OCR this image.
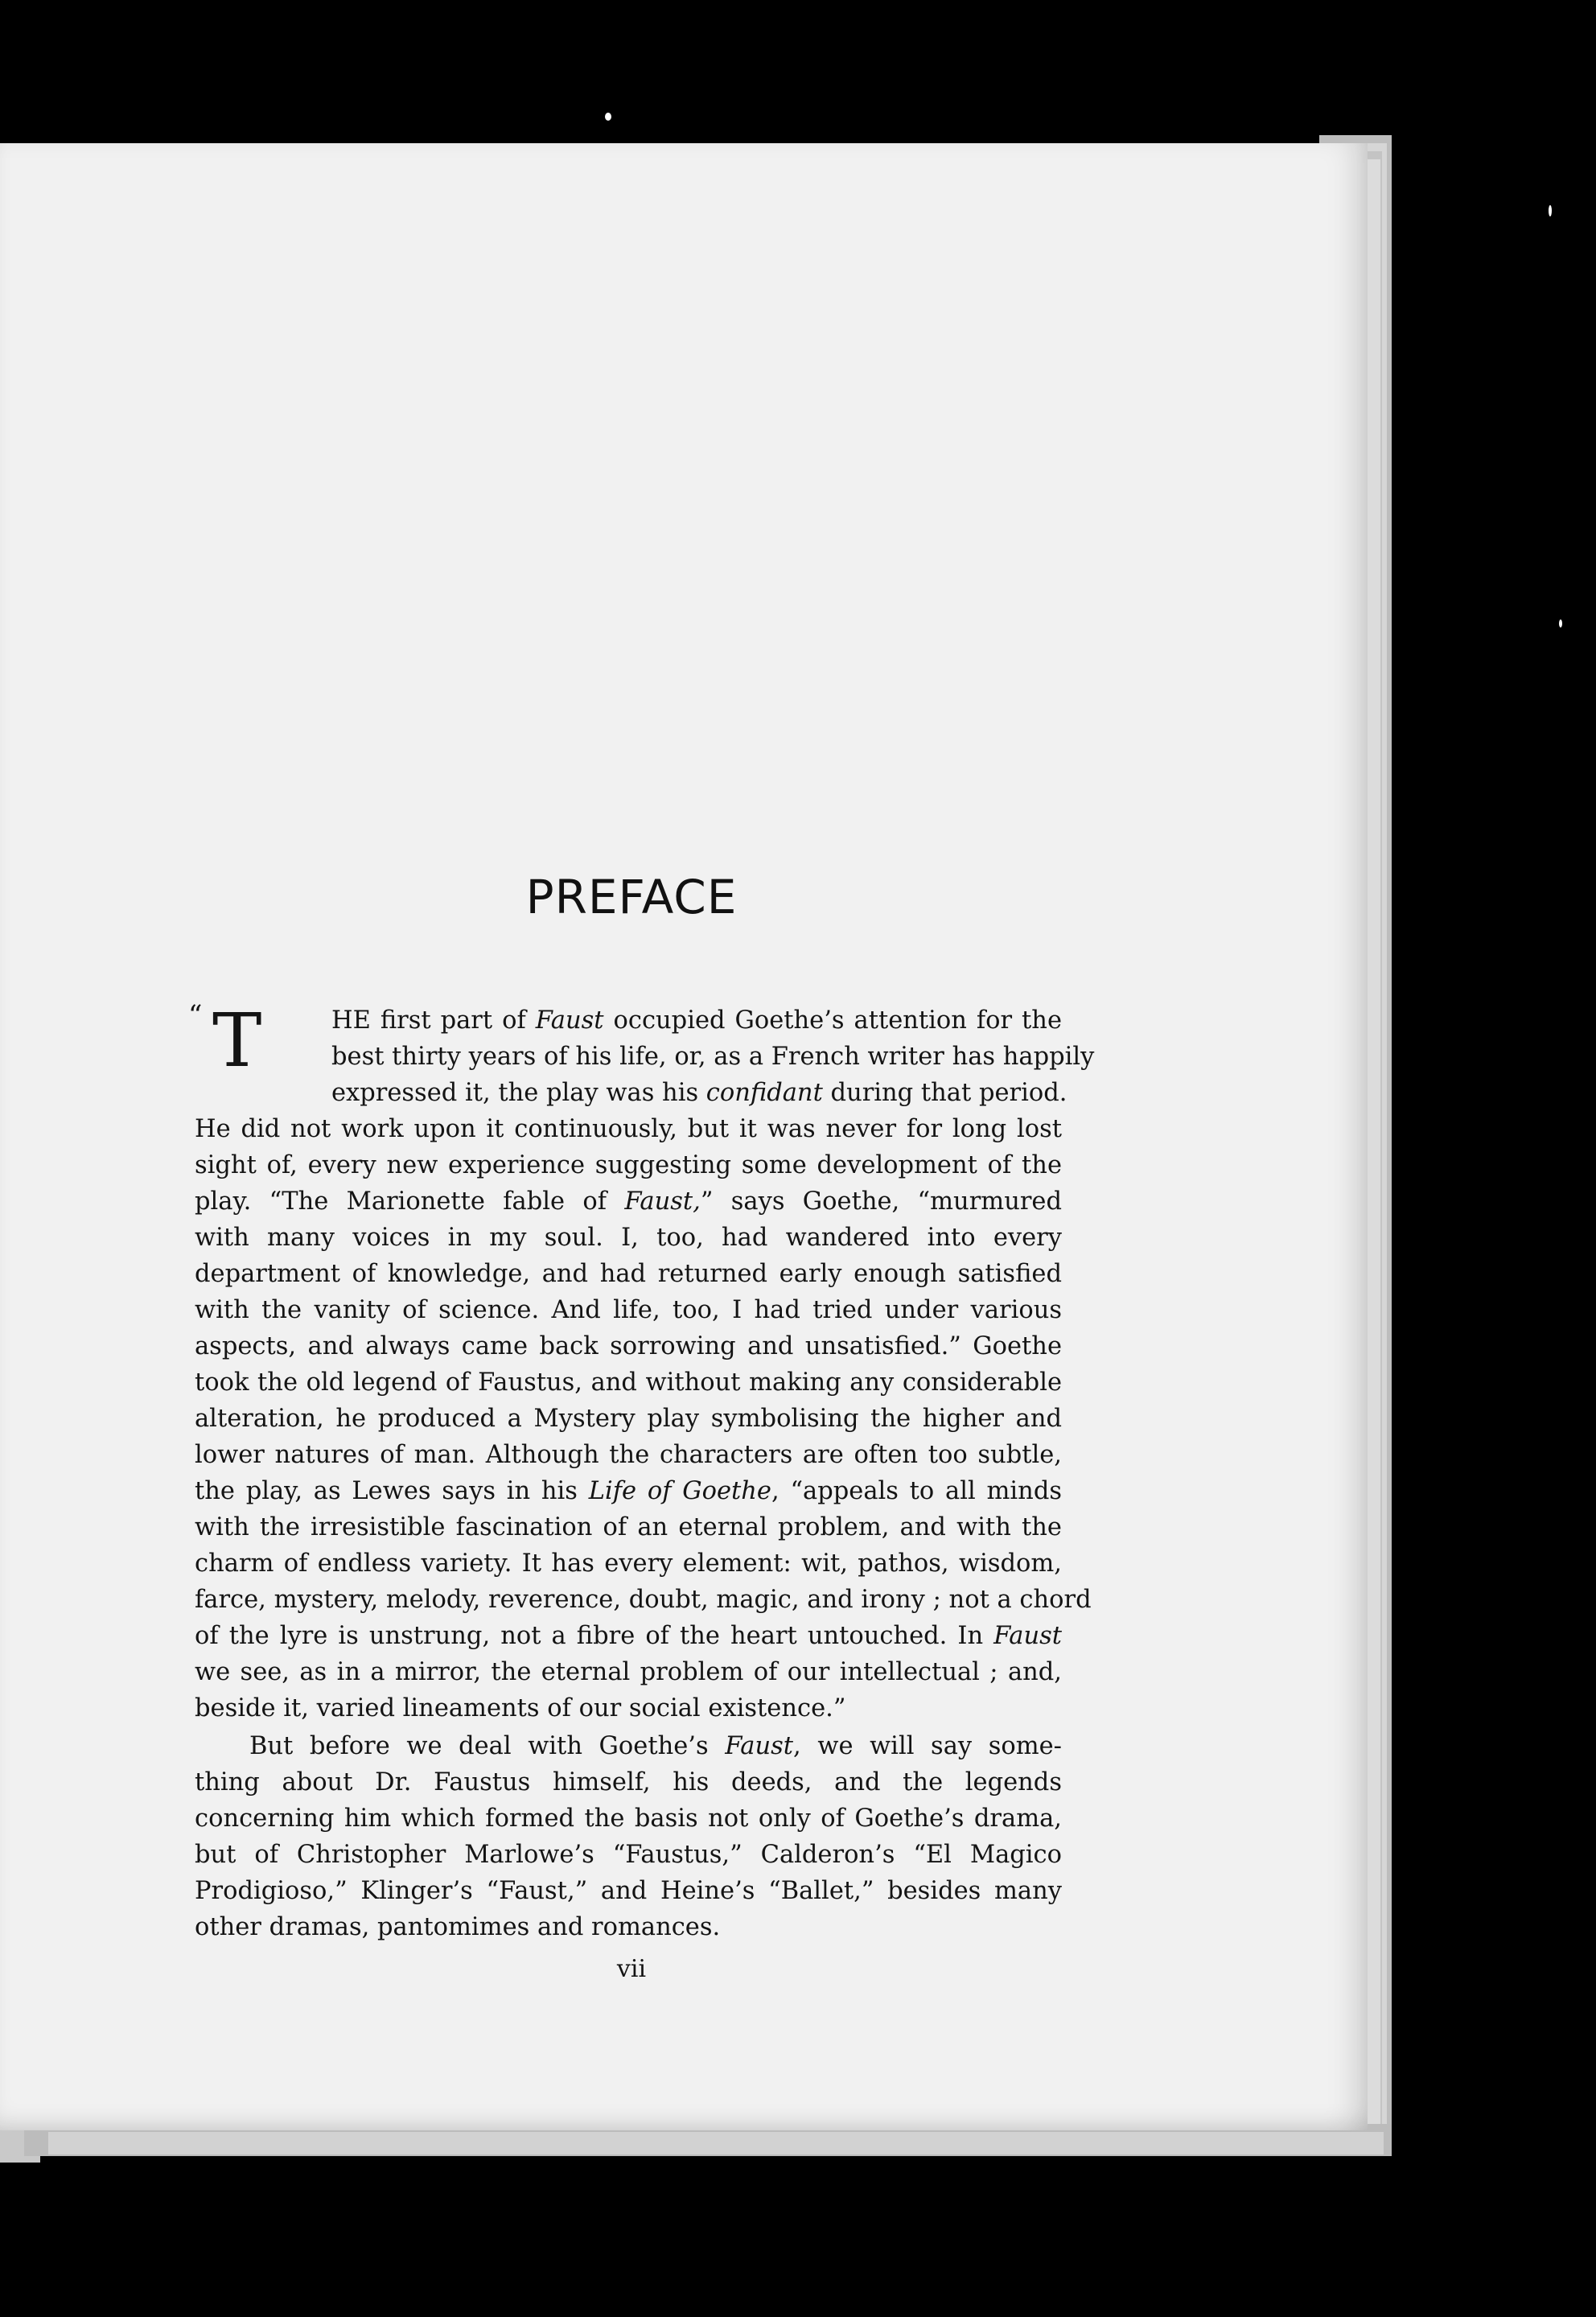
PREFACE
“ T	HE first part of Faust occupied Goethe’s attention for the
best thirty years of his life, or, as a French writer has happily
expressed it, the play was his confidant during that period.
He did not work upon it continuously, but it was never for long lost
sight of, every new experience suggesting some development of the
play. “The Marionette fable of Faust,” says Goethe, “murmured
with many voices in my soul. I, too, had wandered into every
department of knowledge, and had returned early enough satisfied
with the vanity of science. And life, too, I had tried under various
aspects, and always came back sorrowing and unsatisfied.” Goethe
took the old legend of Faustus, and without making any considerable
alteration, he produced a Mystery play symbolising the higher and
lower natures of man. Although the characters are often too subtle,
the play, as Lewes says in his Life of Goethe, “appeals to all minds
with the irresistible fascination of an eternal problem, and with the
charm of endless variety. It has every element: wit, pathos, wisdom,
farce, mystery, melody, reverence, doubt, magic, and irony ; not a chord
of the lyre is unstrung, not a fibre of the heart untouched. In Faust
we see, as in a mirror, the eternal problem of our intellectual ; and,
beside it, varied lineaments of our social existence.”
But before we deal with Goethe’s Faust, we will say some-
thing about Dr. Faustus himself, his deeds, and the legends
concerning him which formed the basis not only of Goethe’s drama,
but of Christopher Marlowe’s “Faustus,” Calderon’s “El Magico
Prodigioso,” Klinger’s “Faust,” and Heine’s “Ballet,” besides many
other dramas, pantomimes and romances.
vii
